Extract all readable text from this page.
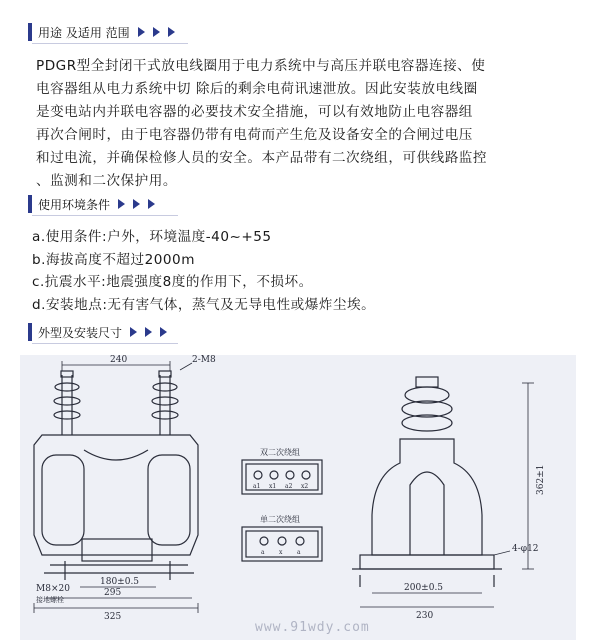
用途 及适用 范围
PDGR型全封闭干式放电线圈用于电力系统中与高压并联电容器连接、使
电容器组从电力系统中切 除后的剩余电荷讯速泄放。因此安装放电线圈
是变电站内并联电容器的必要技术安全措施，可以有效地防止电容器组
再次合闸时，由于电容器仍带有电荷而产生危及设备安全的合闸过电压
和过电流，并确保检修人员的安全。本产品带有二次绕组，可供线路监控
、监测和二次保护用。
使用环境条件
a.使用条件:户外，环境温度-40~+55
b.海拔高度不超过2000m
c.抗震水平:地震强度8度的作用下，不损坏。
d.安装地点:无有害气体，蒸气及无导电性或爆炸尘埃。
外型及安装尺寸
240	2-M8
180±0.5
295
325
M8×20
接地螺栓
双二次绕组
单二次绕组
a1 x1 a2 x2
a x a	4-φ12
200±0.5
230
362±1
www.91wdy.com
